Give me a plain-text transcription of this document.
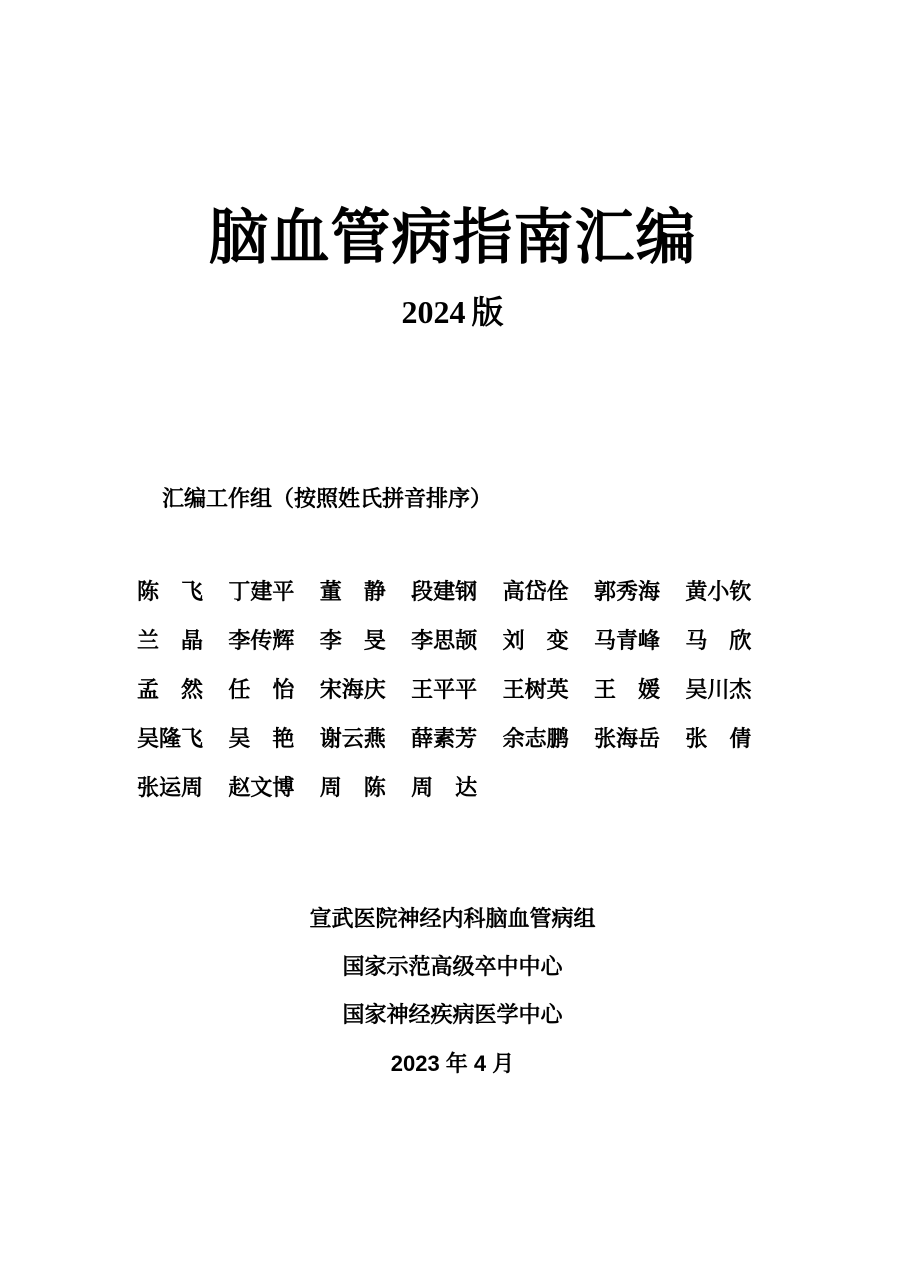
脑血管病指南汇编
2024 版
汇编工作组（按照姓氏拼音排序）
陈　飞	丁建平	董　静	段建钢	高岱佺	郭秀海	黄小钦
兰　晶	李传辉	李　旻	李思颉	刘　变	马青峰	马　欣
孟　然	任　怡	宋海庆	王平平	王树英	王　媛	吴川杰
吴隆飞	吴　艳	谢云燕	薛素芳	余志鹏	张海岳	张　倩
张运周	赵文博	周　陈	周　达
宣武医院神经内科脑血管病组
国家示范高级卒中中心
国家神经疾病医学中心
2023 年 4 月
